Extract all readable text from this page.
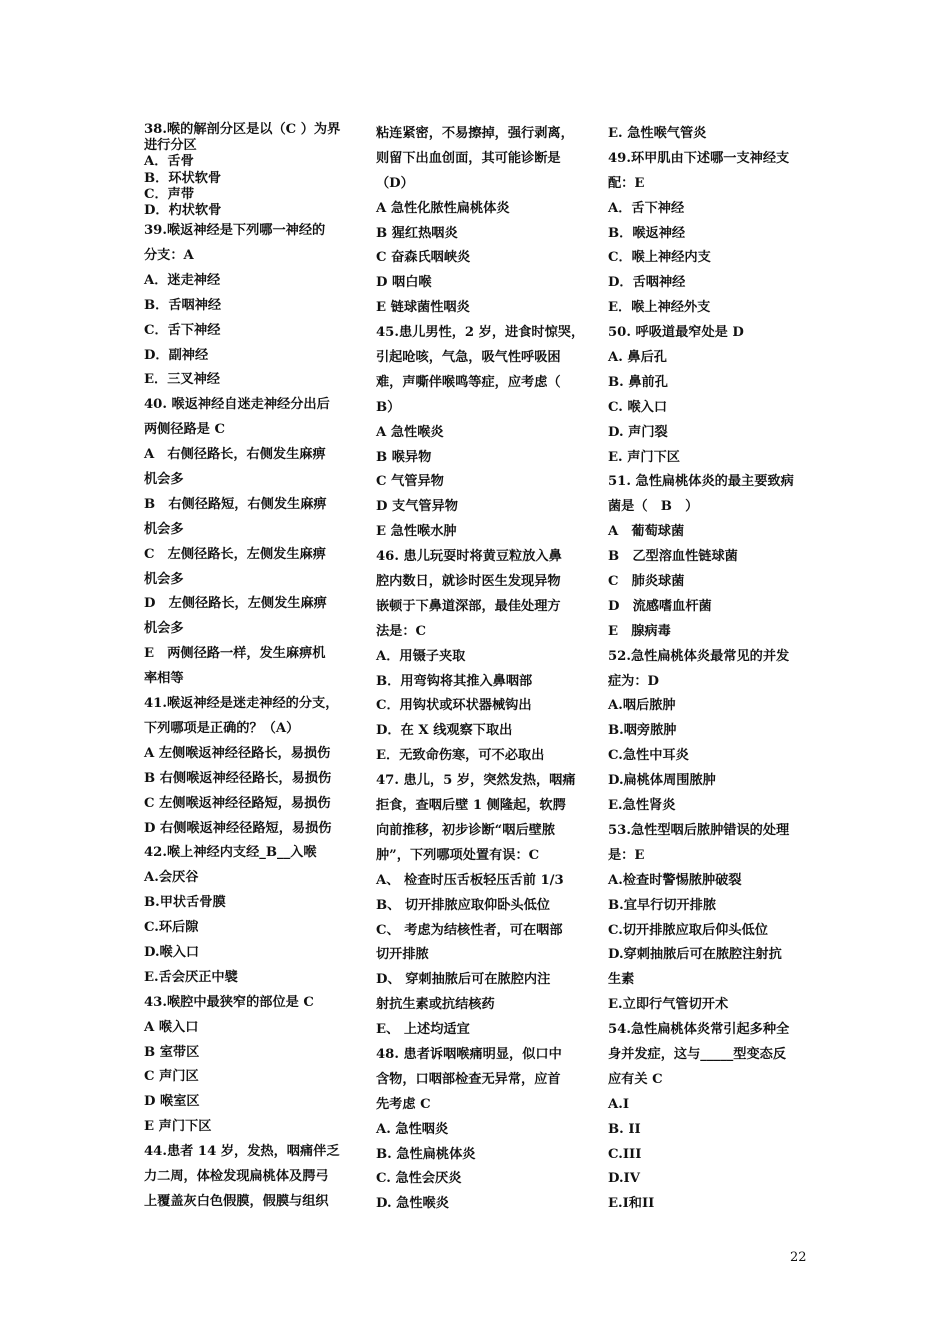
38.喉的解剖分区是以（C ）为界
进行分区
A．舌骨
B．环状软骨
C．声带
D．杓状软骨
39.喉返神经是下列哪一神经的
分支：A
A．迷走神经
B．舌咽神经
C．舌下神经
D．副神经
E．三叉神经
40. 喉返神经自迷走神经分出后
两侧径路是 C
A　右侧径路长，右侧发生麻痹
机会多
B　右侧径路短，右侧发生麻痹
机会多
C　左侧径路长，左侧发生麻痹
机会多
D　左侧径路长，左侧发生麻痹
机会多
E　两侧径路一样，发生麻痹机
率相等
41.喉返神经是迷走神经的分支，
下列哪项是正确的？（A）
A 左侧喉返神经径路长，易损伤
B 右侧喉返神经径路长，易损伤
C 左侧喉返神经径路短，易损伤
D 右侧喉返神经径路短，易损伤
42.喉上神经内支经_B__入喉
A.会厌谷
B.甲状舌骨膜
C.环后隙
D.喉入口
E.舌会厌正中襞
43.喉腔中最狭窄的部位是 C
A 喉入口
B 室带区
C 声门区
D 喉室区
E 声门下区
44.患者 14 岁，发热，咽痛伴乏
力二周，体检发现扁桃体及腭弓
上覆盖灰白色假膜，假膜与组织
粘连紧密，不易擦掉，强行剥离，
则留下出血创面，其可能诊断是
（D）
A 急性化脓性扁桃体炎
B 猩红热咽炎
C 奋森氏咽峡炎
D 咽白喉
E 链球菌性咽炎
45.患儿男性，2 岁，进食时惊哭，
引起呛咳，气急，吸气性呼吸困
难，声嘶伴喉鸣等症，应考虑（
B）
A 急性喉炎
B 喉异物
C 气管异物
D 支气管异物
E 急性喉水肿
46. 患儿玩耍时将黄豆粒放入鼻
腔内数日，就诊时医生发现异物
嵌顿于下鼻道深部，最佳处理方
法是：C
A．用镊子夹取
B．用弯钩将其推入鼻咽部
C．用钩状或环状器械钩出
D．在 X 线观察下取出
E．无致命伤寒，可不必取出
47. 患儿，5 岁，突然发热，咽痛
拒食，查咽后壁 1 侧隆起，软腭
向前推移，初步诊断“咽后壁脓
肿”，下列哪项处置有误：C
A、 检查时压舌板轻压舌前 1/3
B、 切开排脓应取仰卧头低位
C、 考虑为结核性者，可在咽部
切开排脓
D、 穿刺抽脓后可在脓腔内注
射抗生素或抗结核药
E、 上述均适宜
48. 患者诉咽喉痛明显，似口中
含物，口咽部检查无异常，应首
先考虑 C
A. 急性咽炎
B. 急性扁桃体炎
C. 急性会厌炎
D. 急性喉炎
E. 急性喉气管炎
49.环甲肌由下述哪一支神经支
配：E
A．舌下神经
B．喉返神经
C．喉上神经内支
D．舌咽神经
E．喉上神经外支
50. 呼吸道最窄处是 D
A. 鼻后孔
B. 鼻前孔
C. 喉入口
D. 声门裂
E. 声门下区
51. 急性扁桃体炎的最主要致病
菌是（　B　）
A　葡萄球菌
B　乙型溶血性链球菌
C　肺炎球菌
D　流感嗜血杆菌
E　腺病毒
52.急性扁桃体炎最常见的并发
症为：D
A.咽后脓肿
B.咽旁脓肿
C.急性中耳炎
D.扁桃体周围脓肿
E.急性肾炎
53.急性型咽后脓肿错误的处理
是：E
A.检查时警惕脓肿破裂
B.宜早行切开排脓
C.切开排脓应取后仰头低位
D.穿刺抽脓后可在脓腔注射抗
生素
E.立即行气管切开术
54.急性扁桃体炎常引起多种全
身并发症，这与_____型变态反
应有关 C
A.I
B. II
C.III
D.IV
E.I和II
22
